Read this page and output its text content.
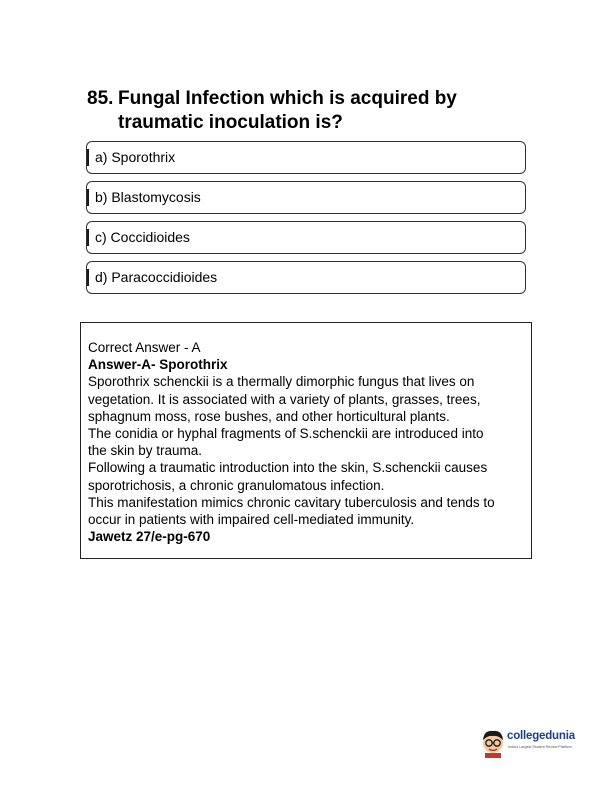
85. Fungal Infection which is acquired by
traumatic inoculation is?
a) Sporothrix
b) Blastomycosis
c) Coccidioides
d) Paracoccidioides
Correct Answer - A
Answer-A- Sporothrix
Sporothrix schenckii is a thermally dimorphic fungus that lives on
vegetation. It is associated with a variety of plants, grasses, trees,
sphagnum moss, rose bushes, and other horticultural plants.
The conidia or hyphal fragments of S.schenckii are introduced into
the skin by trauma.
Following a traumatic introduction into the skin, S.schenckii causes
sporotrichosis, a chronic granulomatous infection.
This manifestation mimics chronic cavitary tuberculosis and tends to
occur in patients with impaired cell-mediated immunity.
Jawetz 27/e-pg-670
collegedunia
India's Largest Student Review Platform
